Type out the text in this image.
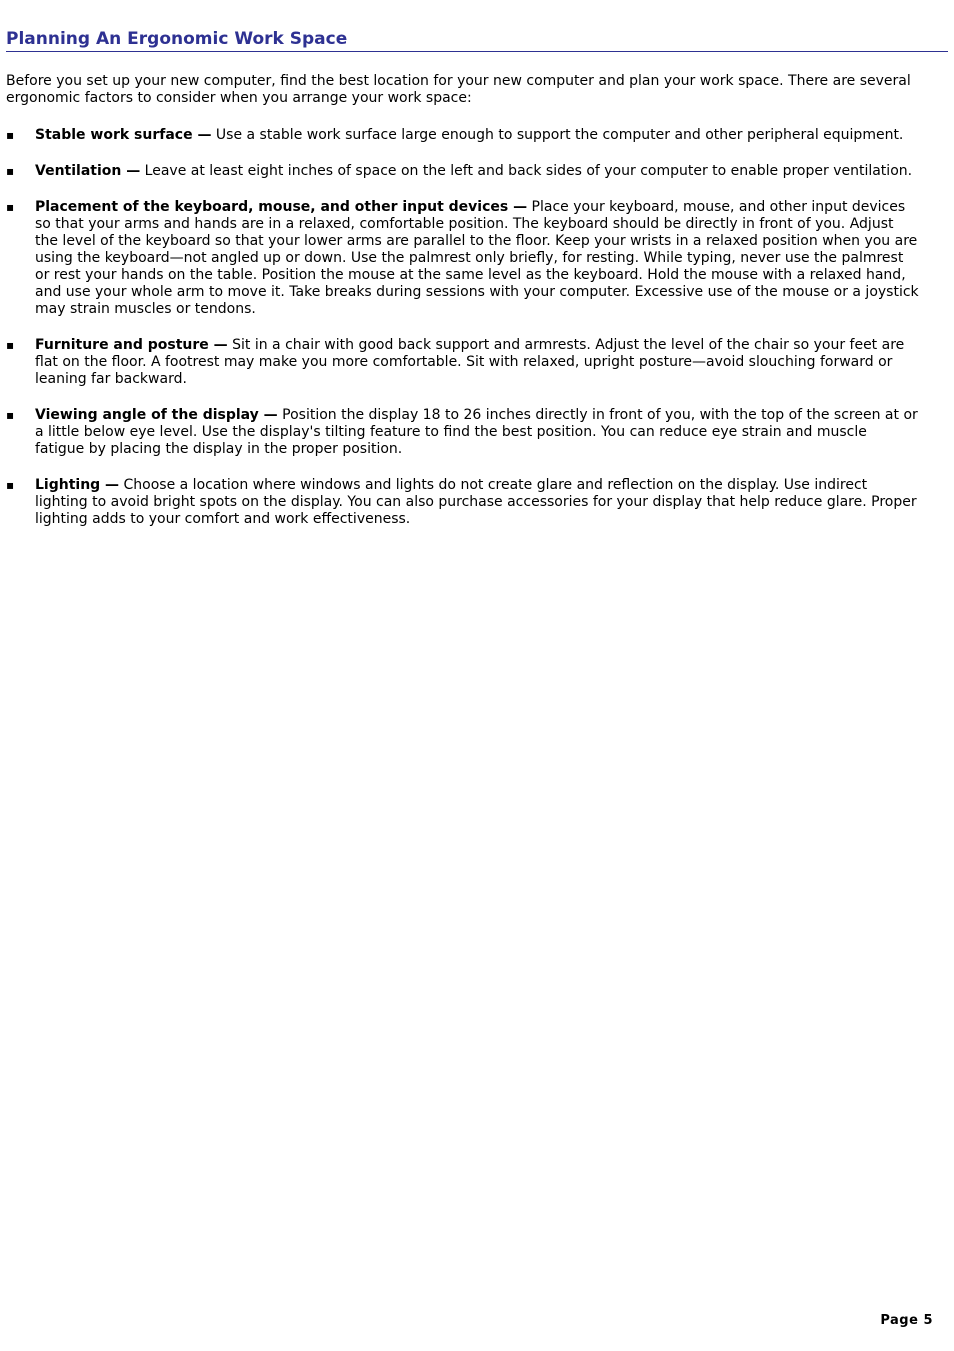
Planning An Ergonomic Work Space

Before you set up your new computer, find the best location for your new computer and plan your work space. There are several ergonomic factors to consider when you arrange your work space:

▪	Stable work surface — Use a stable work surface large enough to support the computer and other peripheral equipment.
▪	Ventilation — Leave at least eight inches of space on the left and back sides of your computer to enable proper ventilation.
▪	Placement of the keyboard, mouse, and other input devices — Place your keyboard, mouse, and other input devices so that your arms and hands are in a relaxed, comfortable position. The keyboard should be directly in front of you. Adjust the level of the keyboard so that your lower arms are parallel to the floor. Keep your wrists in a relaxed position when you are using the keyboard—not angled up or down. Use the palmrest only briefly, for resting. While typing, never use the palmrest or rest your hands on the table. Position the mouse at the same level as the keyboard. Hold the mouse with a relaxed hand, and use your whole arm to move it. Take breaks during sessions with your computer. Excessive use of the mouse or a joystick may strain muscles or tendons.
▪	Furniture and posture — Sit in a chair with good back support and armrests. Adjust the level of the chair so your feet are flat on the floor. A footrest may make you more comfortable. Sit with relaxed, upright posture—avoid slouching forward or leaning far backward.
▪	Viewing angle of the display — Position the display 18 to 26 inches directly in front of you, with the top of the screen at or a little below eye level. Use the display's tilting feature to find the best position. You can reduce eye strain and muscle fatigue by placing the display in the proper position.
▪	Lighting — Choose a location where windows and lights do not create glare and reflection on the display. Use indirect lighting to avoid bright spots on the display. You can also purchase accessories for your display that help reduce glare. Proper lighting adds to your comfort and work effectiveness.
Page 5
